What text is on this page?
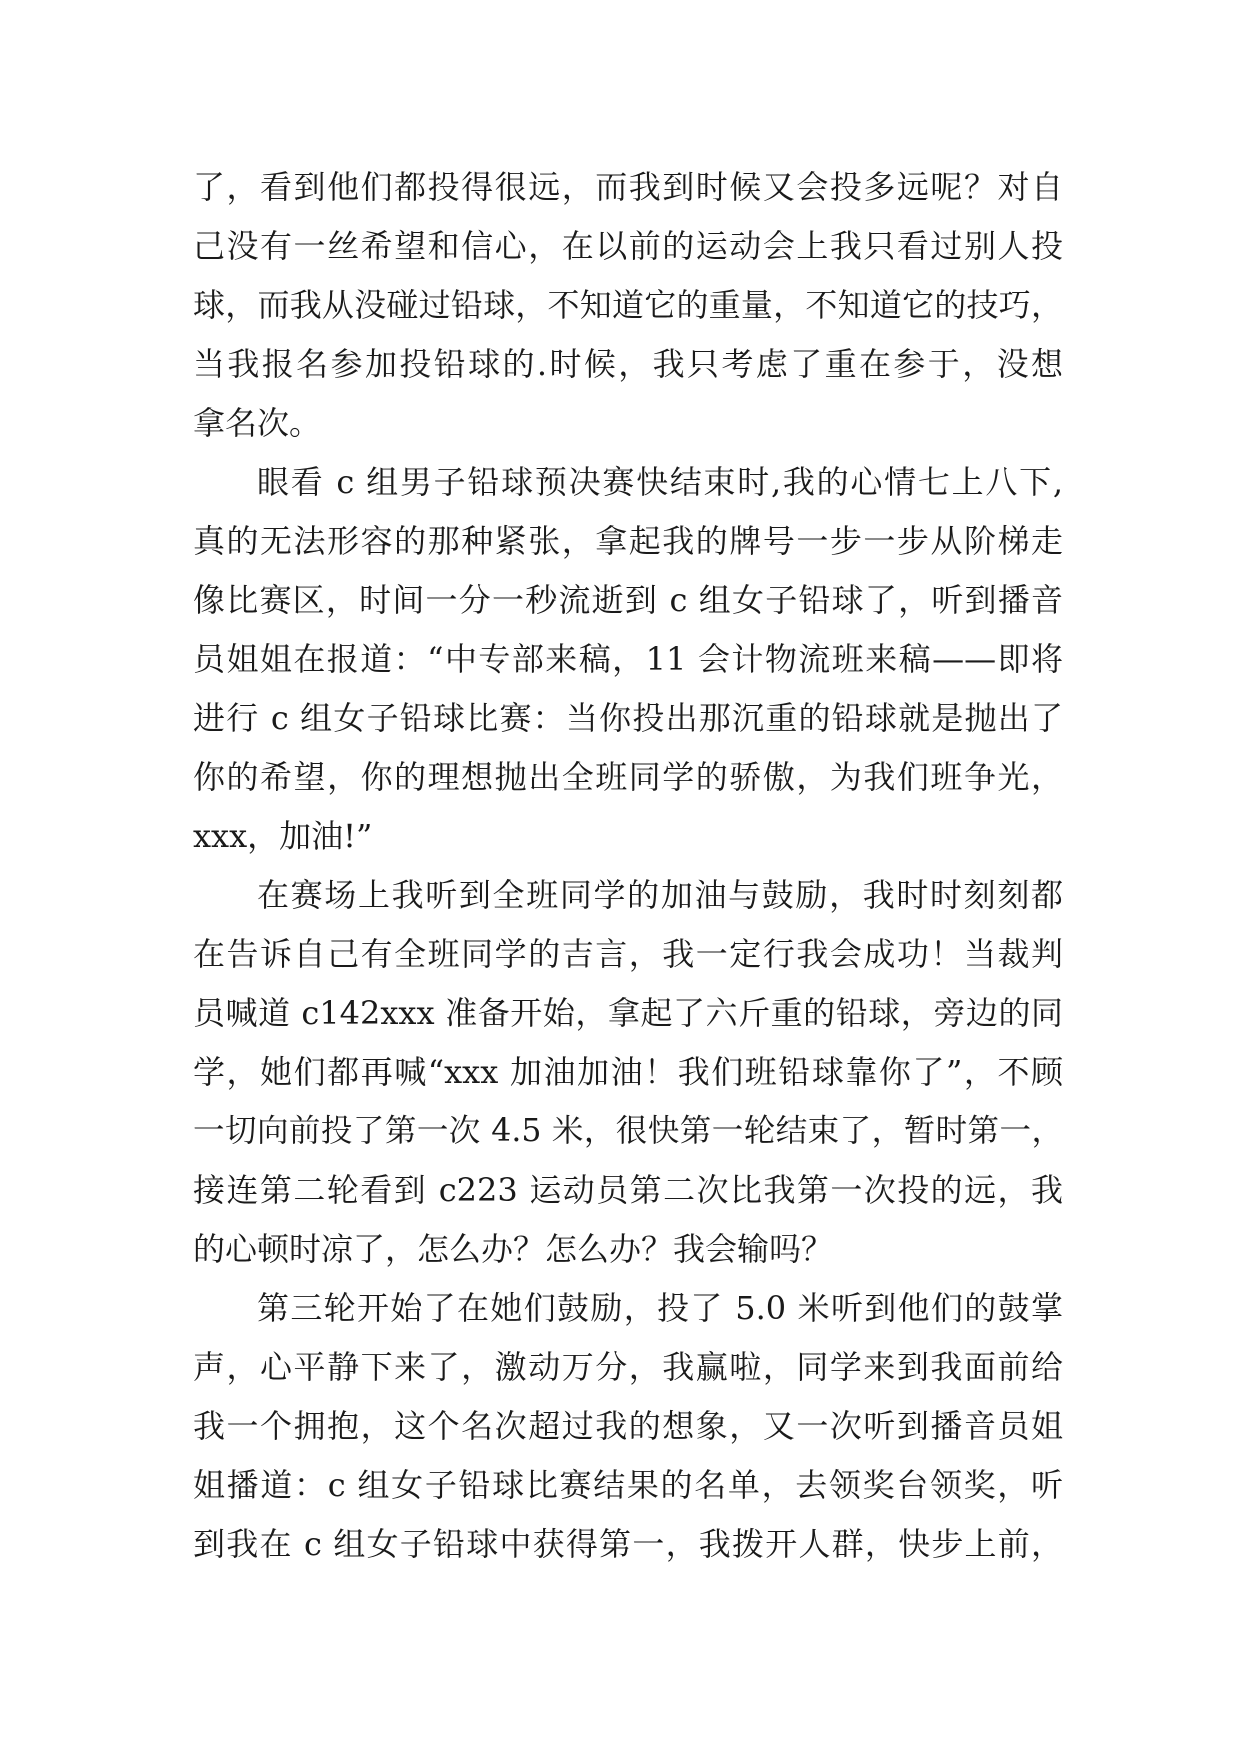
了，看到他们都投得很远，而我到时候又会投多远呢？对自
己没有一丝希望和信心，在以前的运动会上我只看过别人投
球，而我从没碰过铅球，不知道它的重量，不知道它的技巧，
当我报名参加投铅球的.时候，我只考虑了重在参于，没想
拿名次。
眼看 c 组男子铅球预决赛快结束时,我的心情七上八下,
真的无法形容的那种紧张，拿起我的牌号一步一步从阶梯走
像比赛区，时间一分一秒流逝到 c 组女子铅球了，听到播音
员姐姐在报道：“中专部来稿，11 会计物流班来稿——即将
进行 c 组女子铅球比赛：当你投出那沉重的铅球就是抛出了
你的希望，你的理想抛出全班同学的骄傲，为我们班争光，
xxx，加油!”
在赛场上我听到全班同学的加油与鼓励，我时时刻刻都
在告诉自己有全班同学的吉言，我一定行我会成功！当裁判
员喊道 c142xxx 准备开始，拿起了六斤重的铅球，旁边的同
学，她们都再喊“xxx 加油加油！我们班铅球靠你了”，不顾
一切向前投了第一次 4.5 米，很快第一轮结束了，暂时第一，
接连第二轮看到 c223 运动员第二次比我第一次投的远，我
的心顿时凉了，怎么办？怎么办？我会输吗？
第三轮开始了在她们鼓励，投了 5.0 米听到他们的鼓掌
声，心平静下来了，激动万分，我赢啦，同学来到我面前给
我一个拥抱，这个名次超过我的想象，又一次听到播音员姐
姐播道：c 组女子铅球比赛结果的名单，去领奖台领奖，听
到我在 c 组女子铅球中获得第一，我拨开人群，快步上前，
